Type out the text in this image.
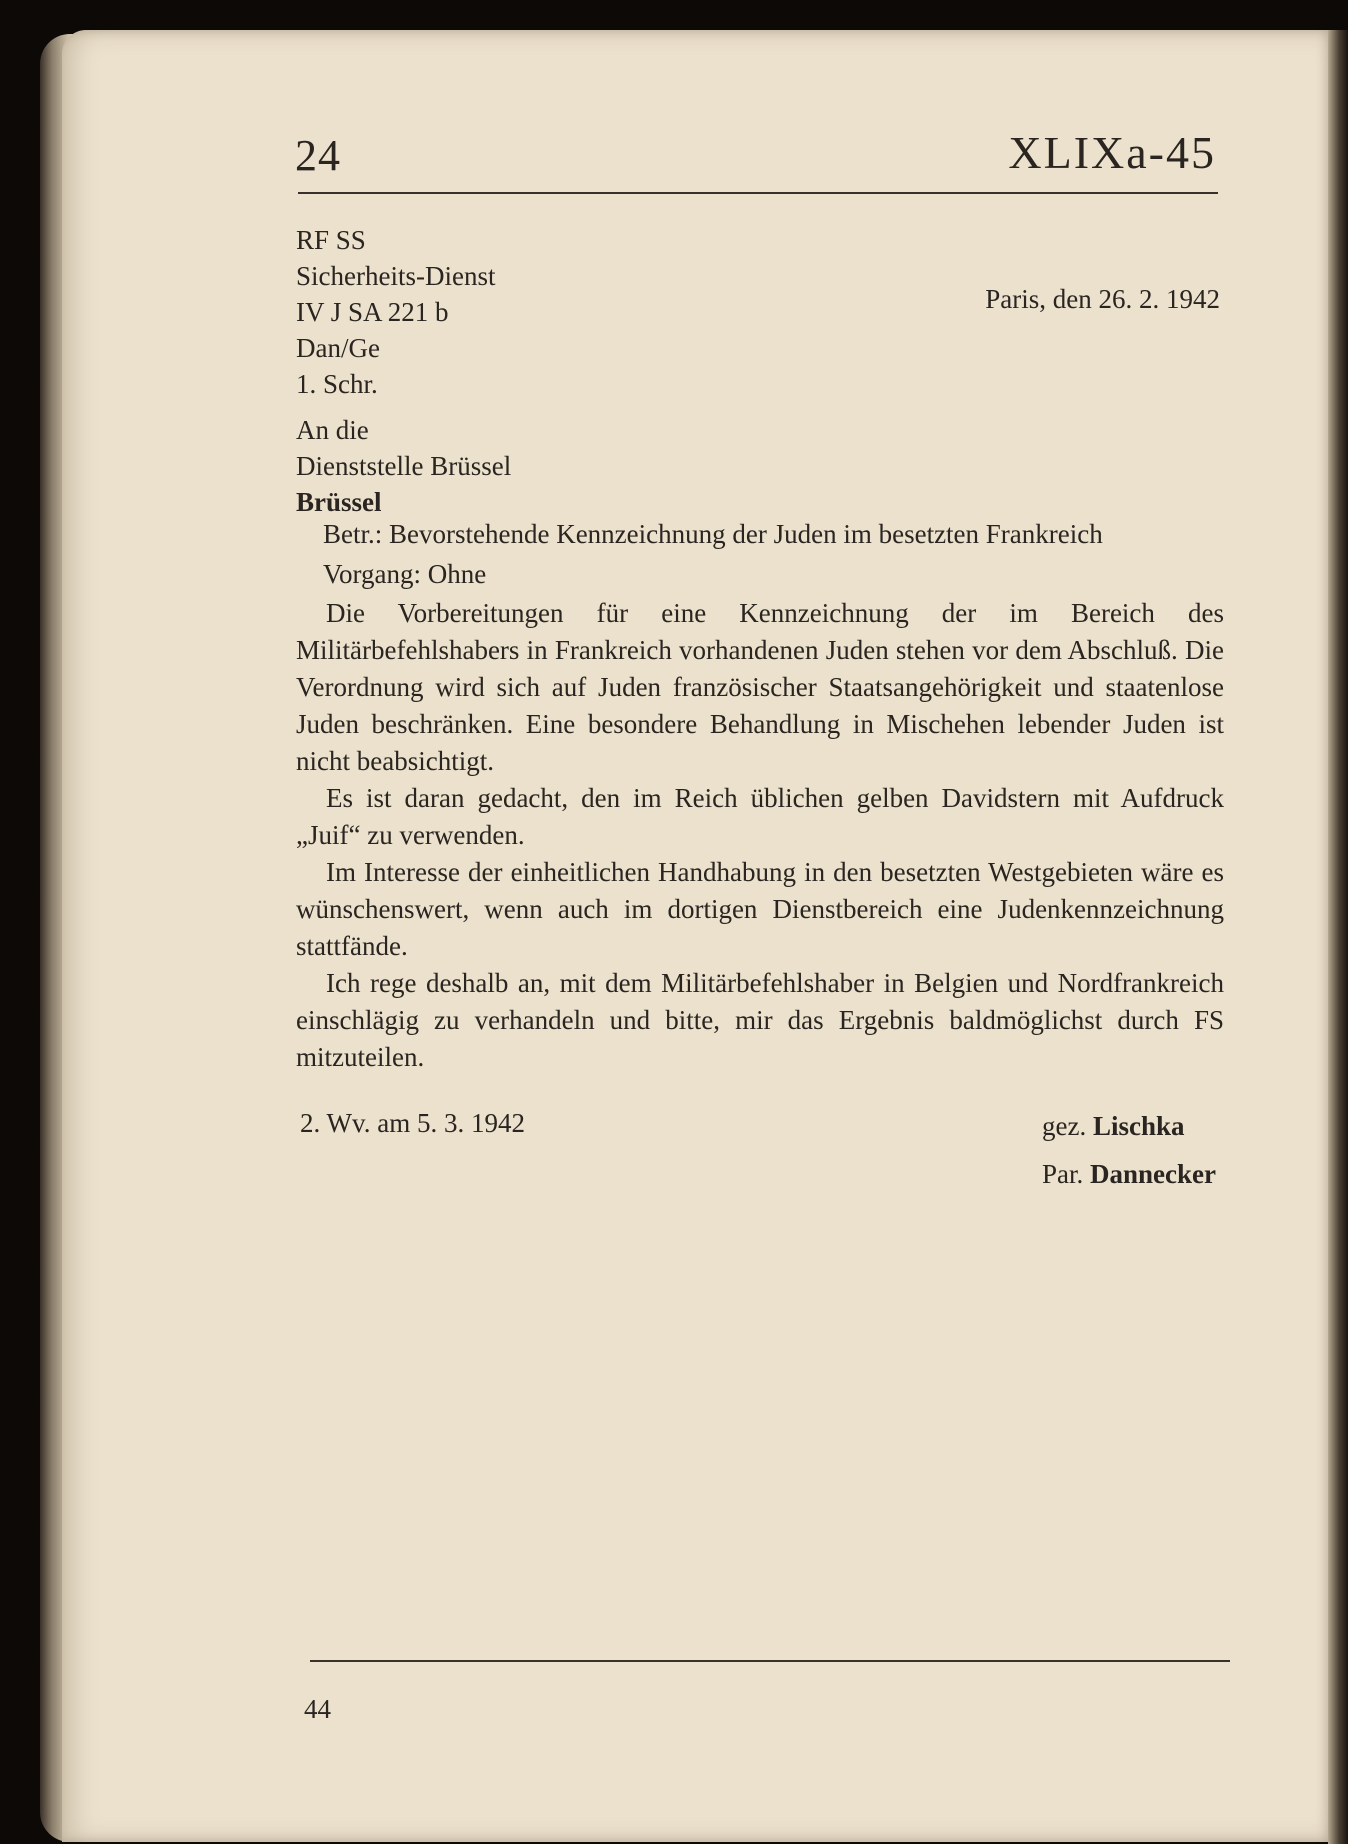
24	XLIXa-45
RF SS
Sicherheits-Dienst
IV J SA 221 b
Dan/Ge
1. Schr.
Paris, den 26. 2. 1942
An die
Dienststelle Brüssel
Brüssel
Betr.: Bevorstehende Kennzeichnung der Juden im besetzten Frankreich
Vorgang: Ohne

Die Vorbereitungen für eine Kennzeichnung der im Bereich des Militärbefehlshabers in Frankreich vorhandenen Juden stehen vor dem Abschluß. Die Verordnung wird sich auf Juden französischer Staatsangehörigkeit und staatenlose Juden beschränken. Eine besondere Behandlung in Mischehen lebender Juden ist nicht beabsichtigt.

Es ist daran gedacht, den im Reich üblichen gelben Davidstern mit Aufdruck „Juif“ zu verwenden.

Im Interesse der einheitlichen Handhabung in den besetzten Westgebieten wäre es wünschenswert, wenn auch im dortigen Dienstbereich eine Judenkennzeichnung stattfände.

Ich rege deshalb an, mit dem Militärbefehlshaber in Belgien und Nordfrankreich einschlägig zu verhandeln und bitte, mir das Ergebnis baldmöglichst durch FS mitzuteilen.

2. Wv. am 5. 3. 1942	gez. Lischka
Par. Dannecker
44
